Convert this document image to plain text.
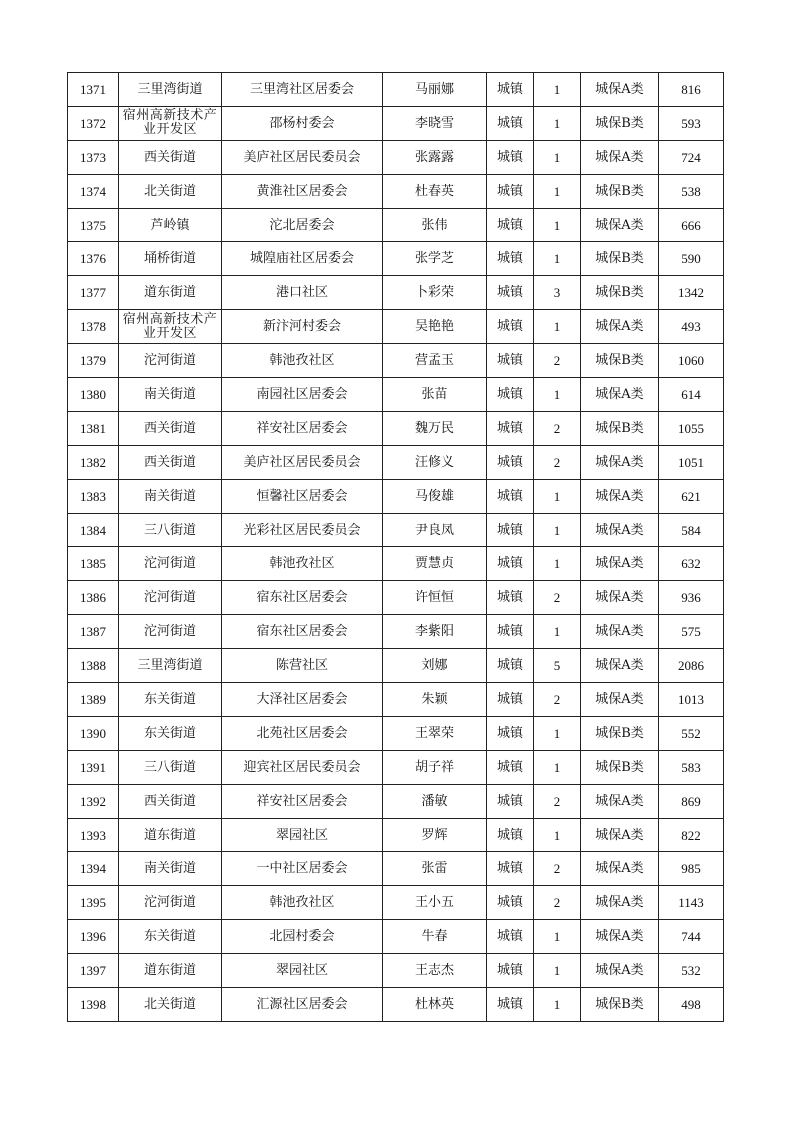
1371	三里湾街道	三里湾社区居委会	马丽娜	城镇	1	城保A类	816
1372	宿州高新技术产业开发区	邵杨村委会	李晓雪	城镇	1	城保B类	593
1373	西关街道	美庐社区居民委员会	张露露	城镇	1	城保A类	724
1374	北关街道	黄淮社区居委会	杜春英	城镇	1	城保B类	538
1375	芦岭镇	沱北居委会	张伟	城镇	1	城保A类	666
1376	埇桥街道	城隍庙社区居委会	张学芝	城镇	1	城保B类	590
1377	道东街道	港口社区	卜彩荣	城镇	3	城保B类	1342
1378	宿州高新技术产业开发区	新汴河村委会	吴艳艳	城镇	1	城保A类	493
1379	沱河街道	韩池孜社区	营孟玉	城镇	2	城保B类	1060
1380	南关街道	南园社区居委会	张苗	城镇	1	城保A类	614
1381	西关街道	祥安社区居委会	魏万民	城镇	2	城保B类	1055
1382	西关街道	美庐社区居民委员会	汪修义	城镇	2	城保A类	1051
1383	南关街道	恒馨社区居委会	马俊雄	城镇	1	城保A类	621
1384	三八街道	光彩社区居民委员会	尹良凤	城镇	1	城保A类	584
1385	沱河街道	韩池孜社区	贾慧贞	城镇	1	城保A类	632
1386	沱河街道	宿东社区居委会	许恒恒	城镇	2	城保A类	936
1387	沱河街道	宿东社区居委会	李紫阳	城镇	1	城保A类	575
1388	三里湾街道	陈营社区	刘娜	城镇	5	城保A类	2086
1389	东关街道	大泽社区居委会	朱颖	城镇	2	城保A类	1013
1390	东关街道	北苑社区居委会	王翠荣	城镇	1	城保B类	552
1391	三八街道	迎宾社区居民委员会	胡子祥	城镇	1	城保B类	583
1392	西关街道	祥安社区居委会	潘敏	城镇	2	城保A类	869
1393	道东街道	翠园社区	罗辉	城镇	1	城保A类	822
1394	南关街道	一中社区居委会	张雷	城镇	2	城保A类	985
1395	沱河街道	韩池孜社区	王小五	城镇	2	城保A类	1143
1396	东关街道	北园村委会	牛春	城镇	1	城保A类	744
1397	道东街道	翠园社区	王志杰	城镇	1	城保A类	532
1398	北关街道	汇源社区居委会	杜林英	城镇	1	城保B类	498
